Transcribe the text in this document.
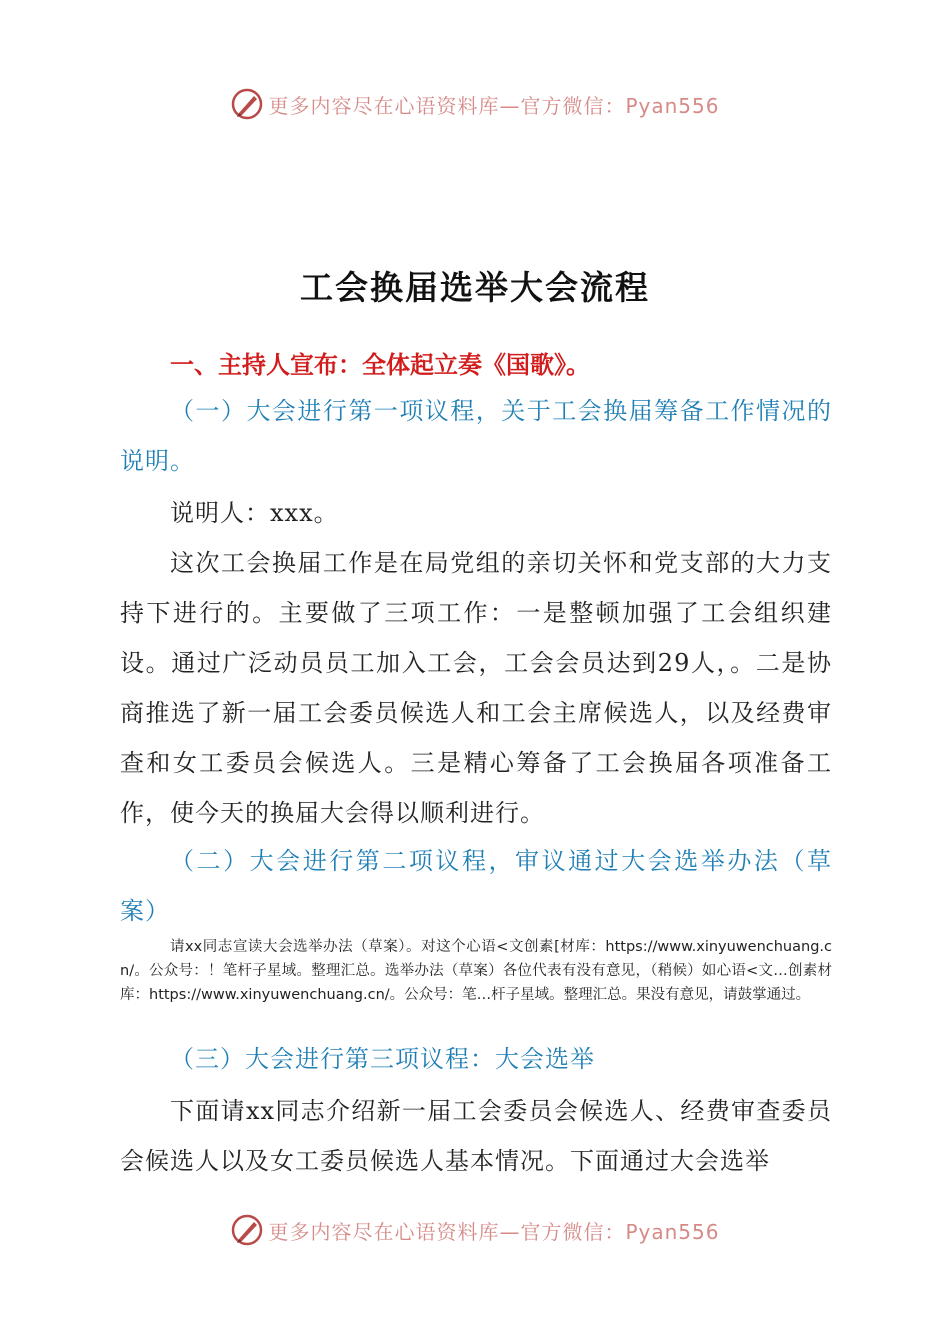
更多内容尽在心语资料库—官方微信：Pyan556
工会换届选举大会流程
一、主持人宣布：全体起立奏《国歌》。
（一）大会进行第一项议程，关于工会换届筹备工作情况的说明。
说明人：xxx。
这次工会换届工作是在局党组的亲切关怀和党支部的大力支持下进行的。主要做了三项工作：一是整顿加强了工会组织建设。通过广泛动员员工加入工会，工会会员达到29人，。二是协商推选了新一届工会委员候选人和工会主席候选人，以及经费审查和女工委员会候选人。三是精心筹备了工会换届各项准备工作，使今天的换届大会得以顺利进行。
（二）大会进行第二项议程，审议通过大会选举办法（草案）
请xx同志宣读大会选举办法（草案）。对这个心语<文创素[材库：https://www.xinyuwenchuang.cn/。公众号：！笔杆子星域。整理汇总。选举办法（草案）各位代表有没有意见，（稍候）如心语<文…创素材库：https://www.xinyuwenchuang.cn/。公众号：笔…杆子星域。整理汇总。果没有意见，请鼓掌通过。
（三）大会进行第三项议程：大会选举
下面请xx同志介绍新一届工会委员会候选人、经费审查委员会候选人以及女工委员候选人基本情况。下面通过大会选举
更多内容尽在心语资料库—官方微信：Pyan556
